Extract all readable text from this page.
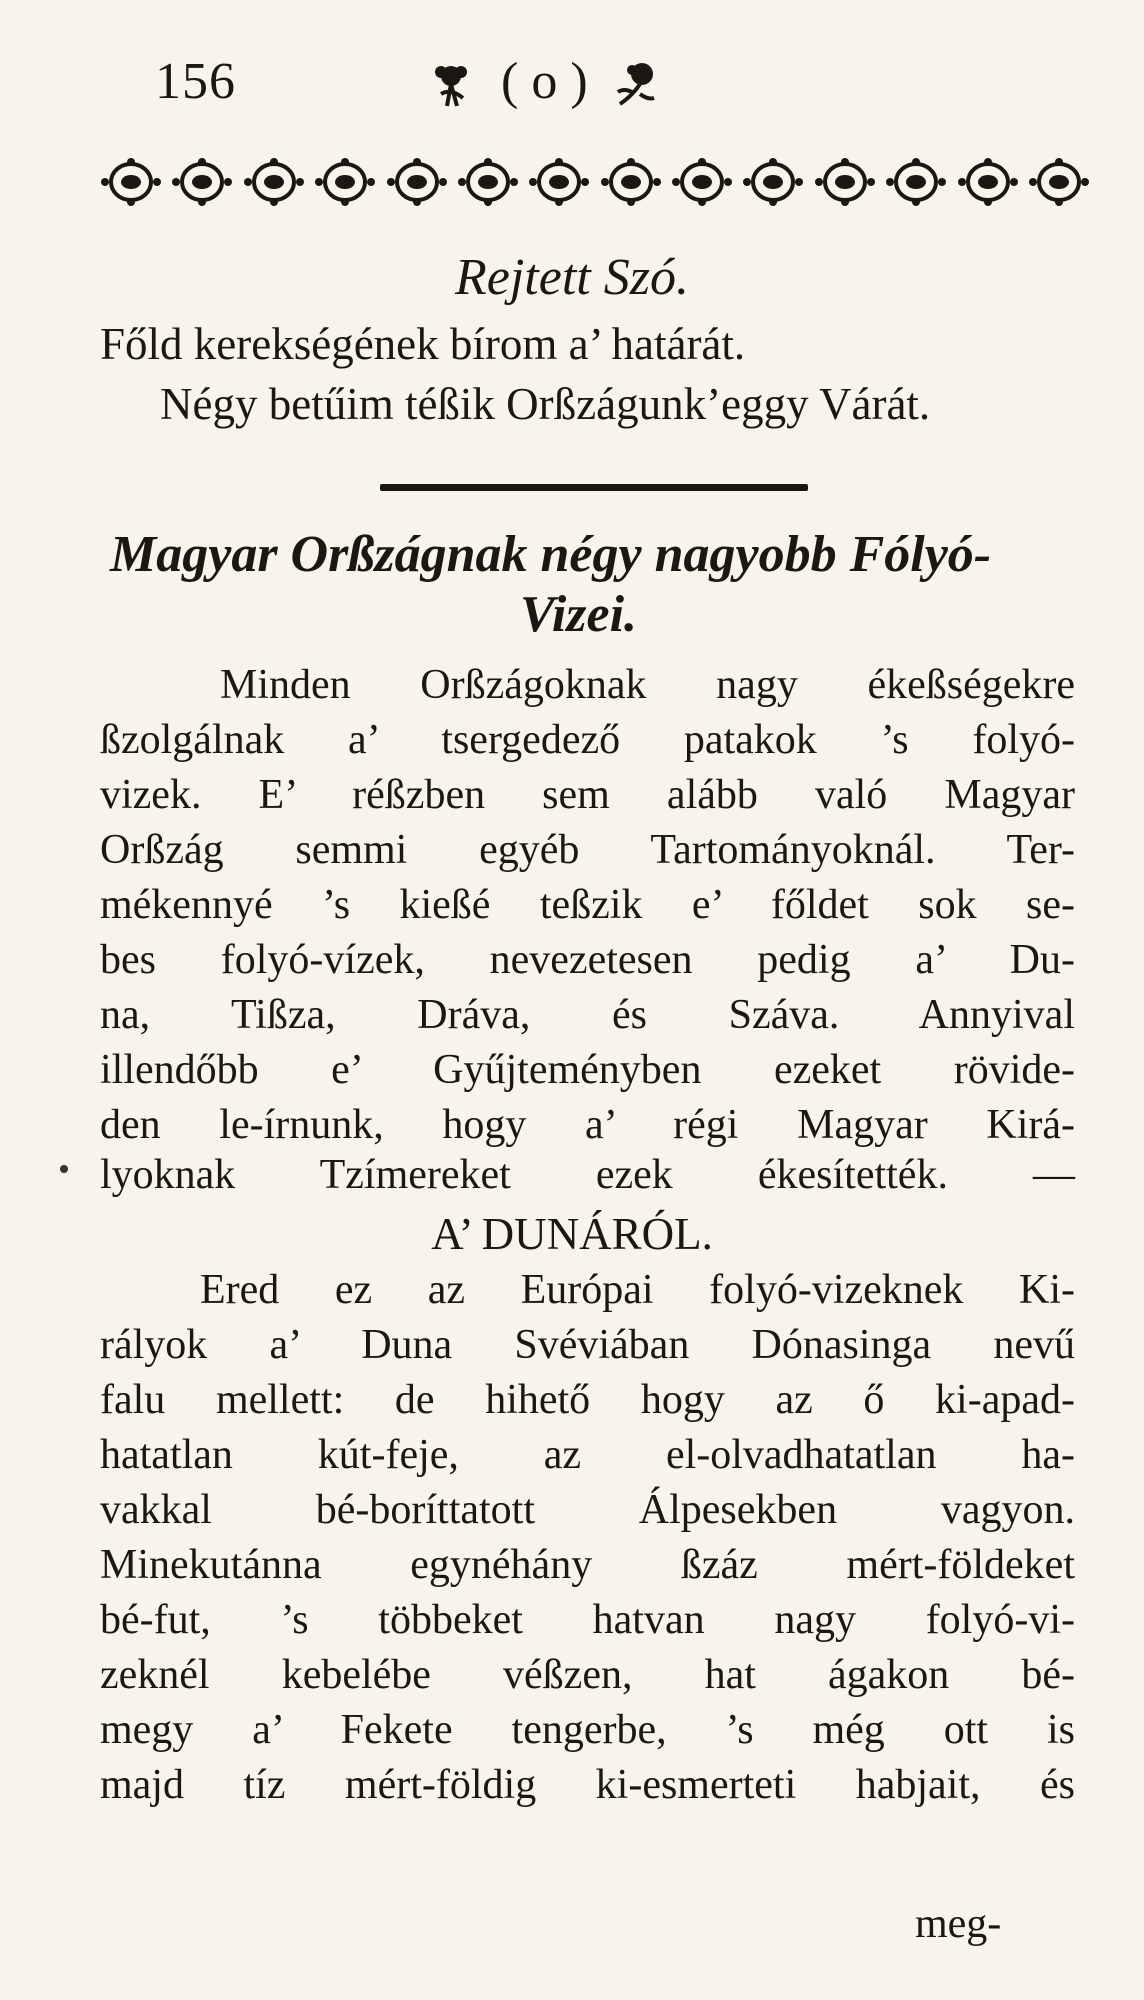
156	( o )
Rejtett Szó.
Főld kerekségének bírom a’ határát.
Négy betűim téßik Orßzágunk’eggy Várát.
Magyar Orßzágnak négy nagyobb Fólyó-
Vizei.
Minden Orßzágoknak nagy ékeßségekre
ßzolgálnak a’ tsergedező patakok ’s folyó-
vizek. E’ réßzben sem alább való Magyar
Orßzág semmi egyéb Tartományoknál. Ter-
mékennyé ’s kießé teßzik e’ főldet sok se-
bes folyó-vízek, nevezetesen pedig a’ Du-
na, Tißza, Dráva, és Száva. Annyival
illendőbb e’ Gyűjteményben ezeket rövide-
den le-írnunk, hogy a’ régi Magyar Kirá-
lyoknak Tzímereket ezek ékesítették. —
A’ DUNÁRÓL.
Ered ez az Európai folyó-vizeknek Ki-
rályok a’ Duna Svéviában Dónasinga nevű
falu mellett: de hihető hogy az ő ki-apad-
hatatlan kút-feje, az el-olvadhatatlan ha-
vakkal bé-boríttatott Álpesekben vagyon.
Minekutánna egynéhány ßzáz mért-földeket
bé-fut, ’s többeket hatvan nagy folyó-vi-
zeknél kebelébe véßzen, hat ágakon bé-
megy a’ Fekete tengerbe, ’s még ott is
majd tíz mért-földig ki-esmerteti habjait, és
meg-
